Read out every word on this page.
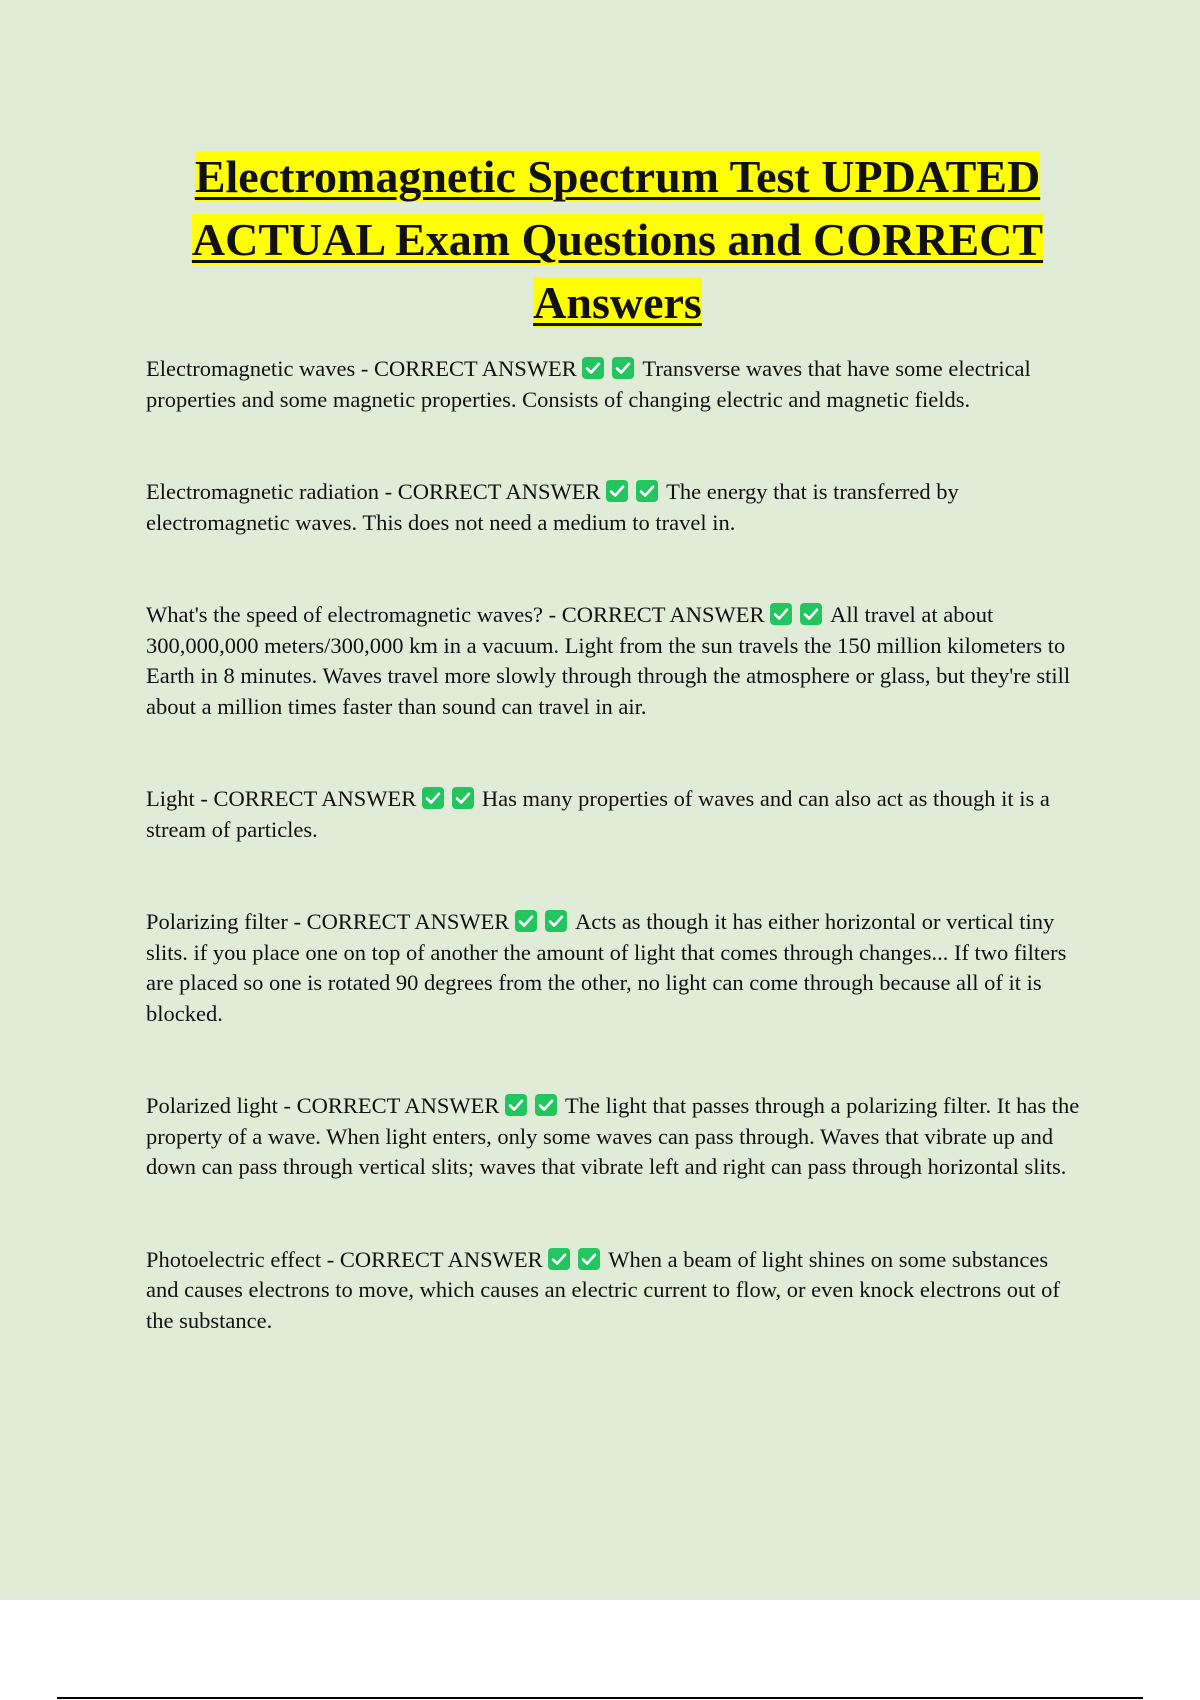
Electromagnetic Spectrum Test UPDATED ACTUAL Exam Questions and CORRECT Answers

Electromagnetic waves - CORRECT ANSWER	Transverse waves that have some electrical properties and some magnetic properties. Consists of changing electric and magnetic fields.

Electromagnetic radiation - CORRECT ANSWER	The energy that is transferred by electromagnetic waves. This does not need a medium to travel in.

What's the speed of electromagnetic waves? - CORRECT ANSWER	All travel at about 300,000,000 meters/300,000 km in a vacuum. Light from the sun travels the 150 million kilometers to Earth in 8 minutes. Waves travel more slowly through through the atmosphere or glass, but they're still about a million times faster than sound can travel in air.

Light - CORRECT ANSWER	Has many properties of waves and can also act as though it is a stream of particles.

Polarizing filter - CORRECT ANSWER	Acts as though it has either horizontal or vertical tiny slits. if you place one on top of another the amount of light that comes through changes... If two filters are placed so one is rotated 90 degrees from the other, no light can come through because all of it is blocked.

Polarized light - CORRECT ANSWER	The light that passes through a polarizing filter. It has the property of a wave. When light enters, only some waves can pass through. Waves that vibrate up and down can pass through vertical slits; waves that vibrate left and right can pass through horizontal slits.

Photoelectric effect - CORRECT ANSWER	When a beam of light shines on some substances and causes electrons to move, which causes an electric current to flow, or even knock electrons out of the substance.
